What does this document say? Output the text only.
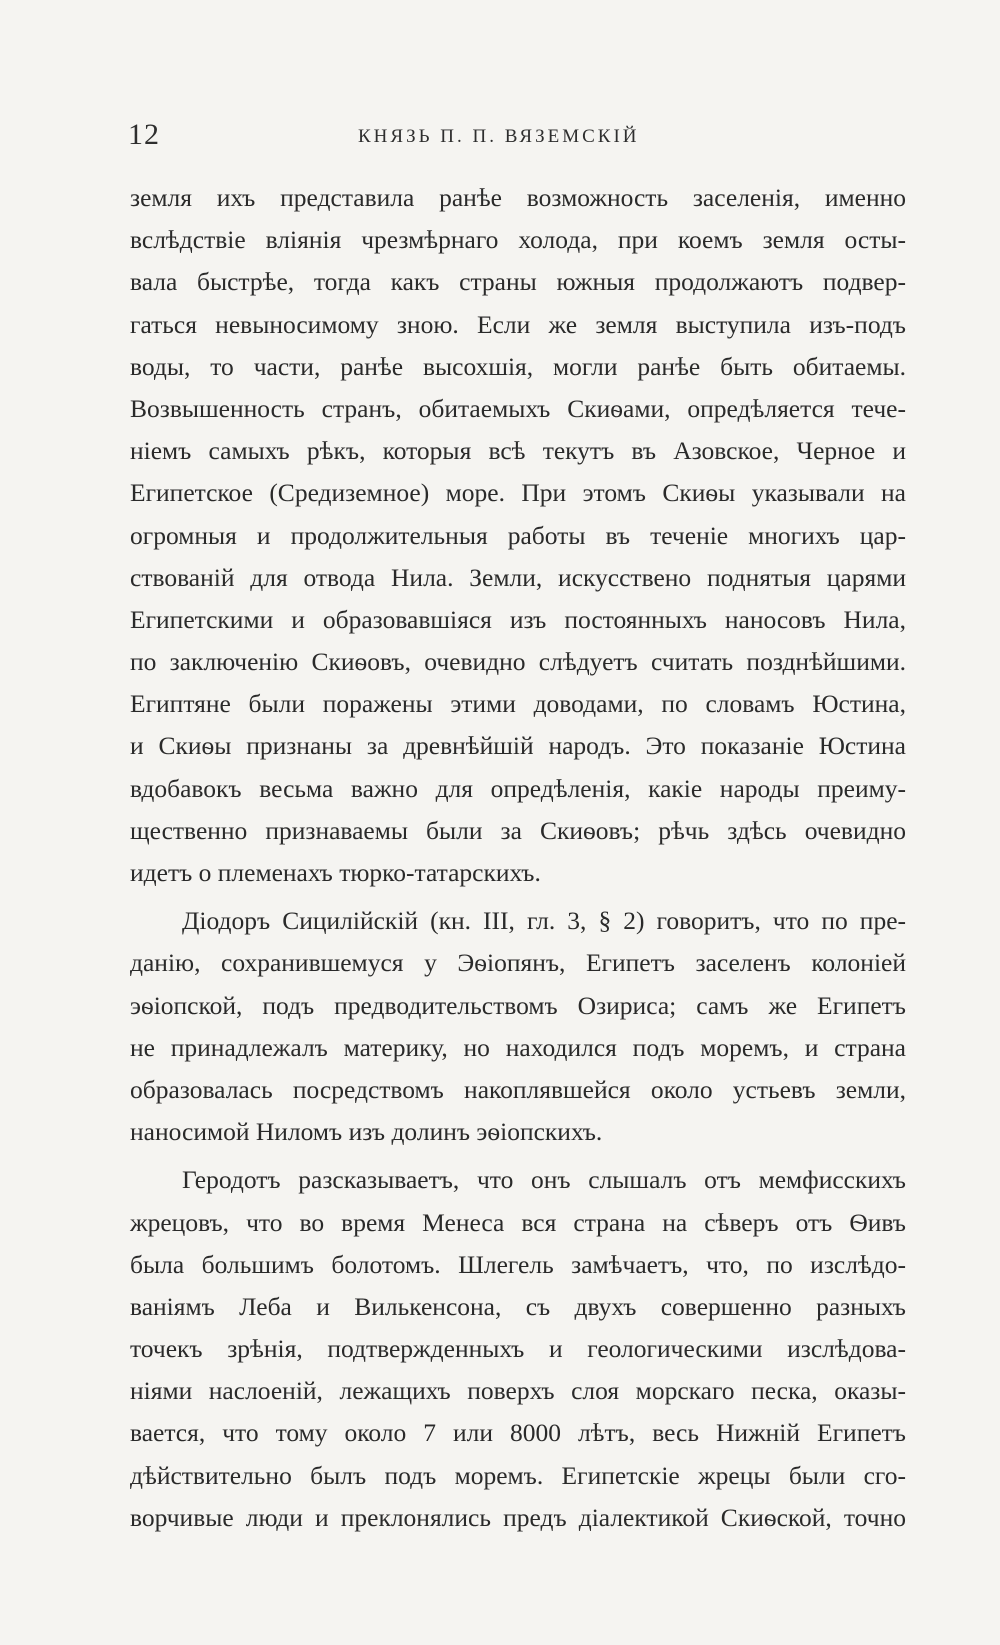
12	КНЯЗЬ П. П. ВЯЗЕМСКІЙ
земля ихъ представила ранѣе возможность заселенія, именно
вслѣдствіе вліянія чрезмѣрнаго холода, при коемъ земля осты-
вала быстрѣе, тогда какъ страны южныя продолжаютъ подвер-
гаться невыносимому зною. Если же земля выступила изъ-подъ
воды, то части, ранѣе высохшія, могли ранѣе быть обитаемы.
Возвышенность странъ, обитаемыхъ Скиѳами, опредѣляется тече-
ніемъ самыхъ рѣкъ, которыя всѣ текутъ въ Азовское, Черное и
Египетское (Средиземное) море. При этомъ Скиѳы указывали на
огромныя и продолжительныя работы въ теченіе многихъ цар-
ствованій для отвода Нила. Земли, искусствено поднятыя царями
Египетскими и образовавшіяся изъ постоянныхъ наносовъ Нила,
по заключенію Скиѳовъ, очевидно слѣдуетъ считать позднѣйшими.
Египтяне были поражены этими доводами, по словамъ Юстина,
и Скиѳы признаны за древнѣйшій народъ. Это показаніе Юстина
вдобавокъ весьма важно для опредѣленія, какіе народы преиму-
щественно признаваемы были за Скиѳовъ; рѣчь здѣсь очевидно
идетъ о племенахъ тюрко-татарскихъ.
Діодоръ Сицилійскій (кн. III, гл. 3, § 2) говоритъ, что по пре-
данію, сохранившемуся у Эѳіопянъ, Египетъ заселенъ колоніей
эѳіопской, подъ предводительствомъ Озириса; самъ же Египетъ
не принадлежалъ материку, но находился подъ моремъ, и страна
образовалась посредствомъ накоплявшейся около устьевъ земли,
наносимой Ниломъ изъ долинъ эѳіопскихъ.
Геродотъ разсказываетъ, что онъ слышалъ отъ мемфисскихъ
жрецовъ, что во время Менеса вся страна на сѣверъ отъ Ѳивъ
была большимъ болотомъ. Шлегель замѣчаетъ, что, по изслѣдо-
ваніямъ Леба и Вилькенсона, съ двухъ совершенно разныхъ
точекъ зрѣнія, подтвержденныхъ и геологическими изслѣдова-
ніями наслоеній, лежащихъ поверхъ слоя морскаго песка, оказы-
вается, что тому около 7 или 8000 лѣтъ, весь Нижній Египетъ
дѣйствительно былъ подъ моремъ. Египетскіе жрецы были сго-
ворчивые люди и преклонялись предъ діалектикой Скиѳской, точно
